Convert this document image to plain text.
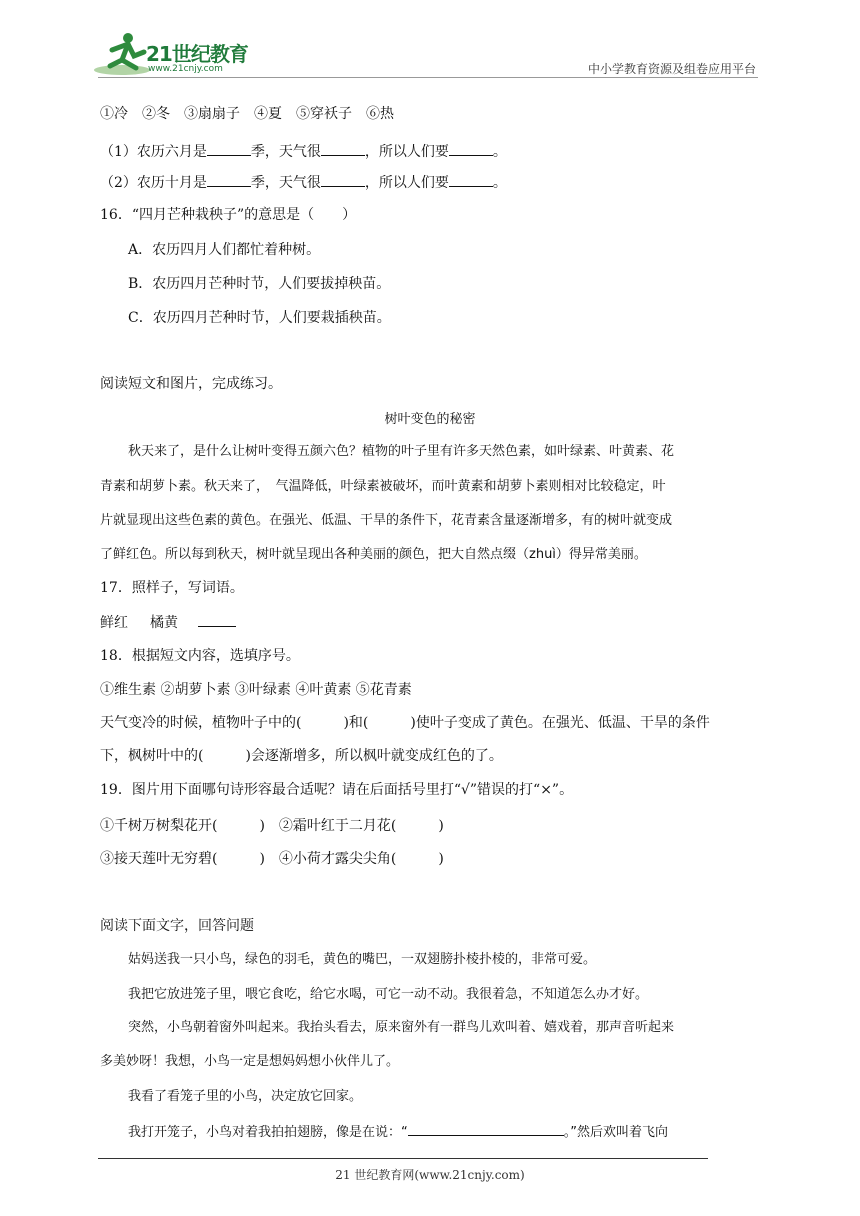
21世纪教育
www.21cnjy.com	中小学教育资源及组卷应用平台
①冷　②冬　③扇扇子　④夏　⑤穿袄子　⑥热
（1）农历六月是	季，天气很	，所以人们要	。
（2）农历十月是	季，天气很	，所以人们要	。
16．“四月芒种栽秧子”的意思是（　　）
A．农历四月人们都忙着种树。
B．农历四月芒种时节，人们要拔掉秧苗。
C．农历四月芒种时节，人们要栽插秧苗。
阅读短文和图片，完成练习。
树叶变色的秘密
秋天来了，是什么让树叶变得五颜六色？植物的叶子里有许多天然色素，如叶绿素、叶黄素、花
青素和胡萝卜素。秋天来了，　气温降低，叶绿素被破坏，而叶黄素和胡萝卜素则相对比较稳定，叶
片就显现出这些色素的黄色。在强光、低温、干旱的条件下，花青素含量逐渐增多，有的树叶就变成
了鲜红色。所以每到秋天，树叶就呈现出各种美丽的颜色，把大自然点缀（zhuì）得异常美丽。
17．照样子，写词语。
鲜红 橘黄
18．根据短文内容，选填序号。
①维生素 ②胡萝卜素 ③叶绿素 ④叶黄素 ⑤花青素
天气变冷的时候，植物叶子中的(　　　)和(　　　)使叶子变成了黄色。在强光、低温、干旱的条件
下，枫树叶中的(　　　)会逐渐增多，所以枫叶就变成红色的了。
19．图片用下面哪句诗形容最合适呢？请在后面括号里打“√”错误的打“×”。
①千树万树梨花开(　　　)　②霜叶红于二月花(　　　)
③接天莲叶无穷碧(　　　)　④小荷才露尖尖角(　　　)
阅读下面文字，回答问题
姑妈送我一只小鸟，绿色的羽毛，黄色的嘴巴，一双翅膀扑棱扑棱的，非常可爱。
我把它放进笼子里，喂它食吃，给它水喝，可它一动不动。我很着急，不知道怎么办才好。
突然，小鸟朝着窗外叫起来。我抬头看去，原来窗外有一群鸟儿欢叫着、嬉戏着，那声音听起来
多美妙呀！我想，小鸟一定是想妈妈想小伙伴儿了。
我看了看笼子里的小鸟，决定放它回家。
我打开笼子，小鸟对着我拍拍翅膀，像是在说：“	。”然后欢叫着飞向
21 世纪教育网(www.21cnjy.com)
